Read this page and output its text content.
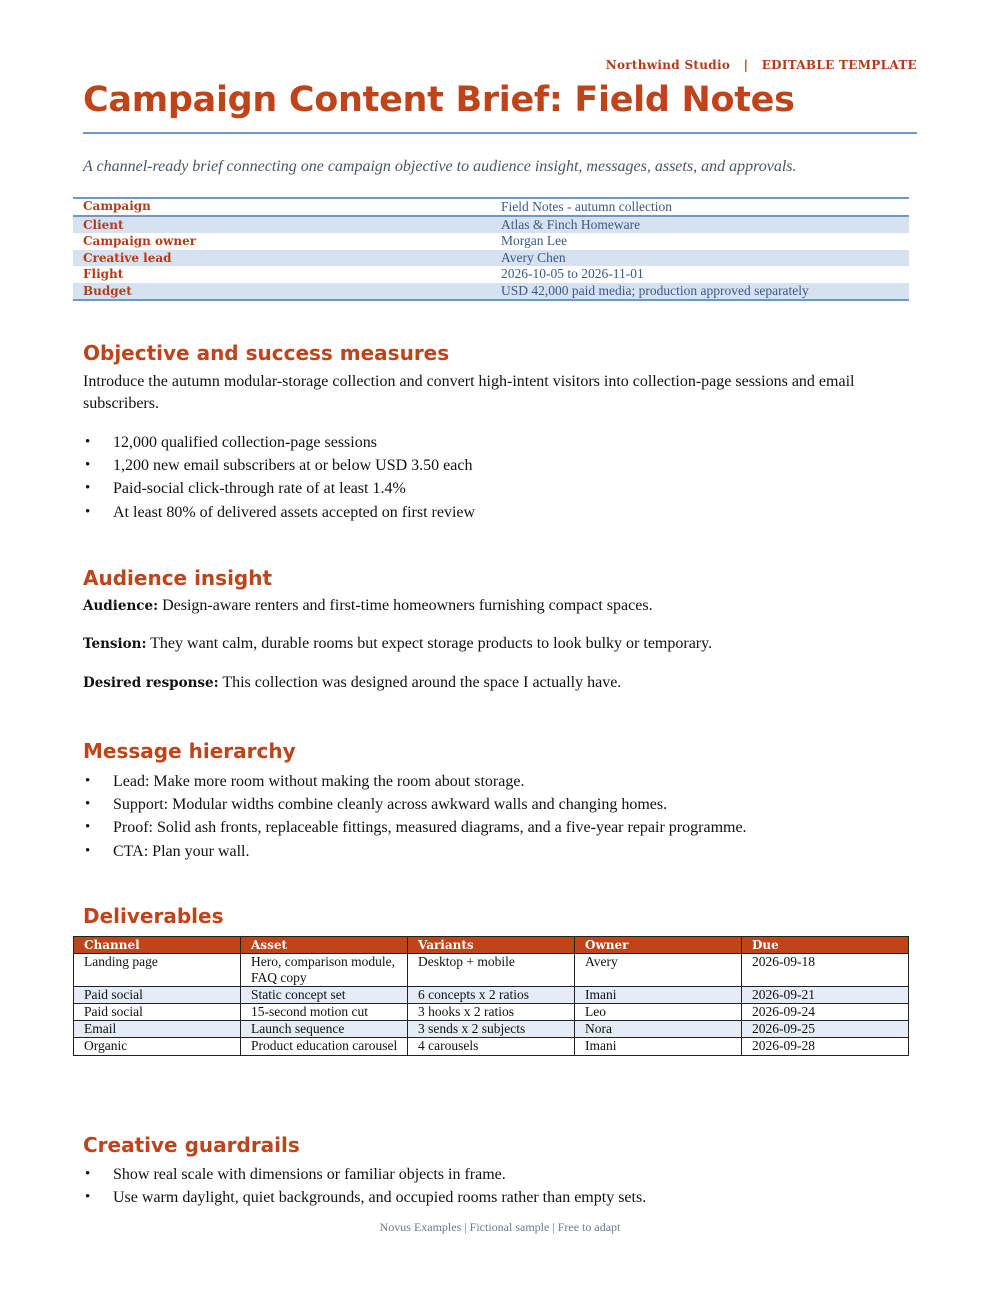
Northwind Studio | EDITABLE TEMPLATE
Campaign Content Brief: Field Notes
A channel-ready brief connecting one campaign objective to audience insight, messages, assets, and approvals.
Campaign	Field Notes - autumn collection
Client	Atlas & Finch Homeware
Campaign owner	Morgan Lee
Creative lead	Avery Chen
Flight	2026-10-05 to 2026-11-01
Budget	USD 42,000 paid media; production approved separately
Objective and success measures
Introduce the autumn modular-storage collection and convert high-intent visitors into collection-page sessions and email subscribers.
• 12,000 qualified collection-page sessions
• 1,200 new email subscribers at or below USD 3.50 each
• Paid-social click-through rate of at least 1.4%
• At least 80% of delivered assets accepted on first review
Audience insight
Audience: Design-aware renters and first-time homeowners furnishing compact spaces.
Tension: They want calm, durable rooms but expect storage products to look bulky or temporary.
Desired response: This collection was designed around the space I actually have.
Message hierarchy
• Lead: Make more room without making the room about storage.
• Support: Modular widths combine cleanly across awkward walls and changing homes.
• Proof: Solid ash fronts, replaceable fittings, measured diagrams, and a five-year repair programme.
• CTA: Plan your wall.
Deliverables
Channel	Asset	Variants	Owner	Due
Landing page	Hero, comparison module, FAQ copy	Desktop + mobile	Avery	2026-09-18
Paid social	Static concept set	6 concepts x 2 ratios	Imani	2026-09-21
Paid social	15-second motion cut	3 hooks x 2 ratios	Leo	2026-09-24
Email	Launch sequence	3 sends x 2 subjects	Nora	2026-09-25
Organic	Product education carousel	4 carousels	Imani	2026-09-28
Creative guardrails
• Show real scale with dimensions or familiar objects in frame.
• Use warm daylight, quiet backgrounds, and occupied rooms rather than empty sets.
Novus Examples | Fictional sample | Free to adapt
